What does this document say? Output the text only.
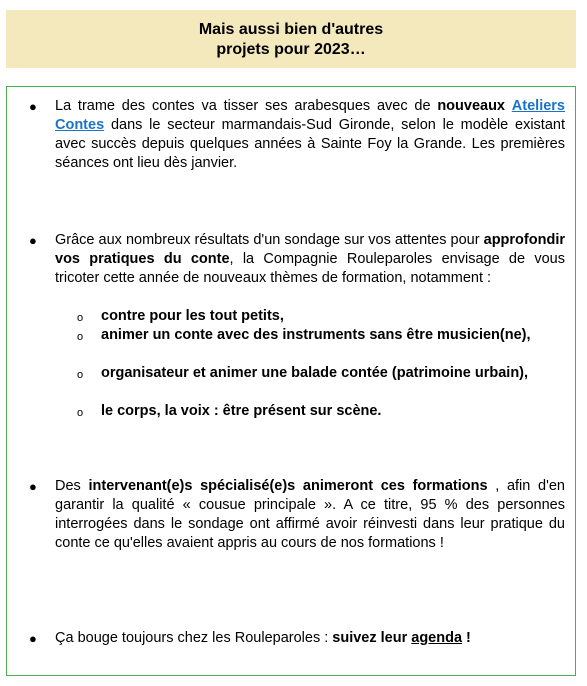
Mais aussi bien d'autres
projets pour 2023…
● La trame des contes va tisser ses arabesques avec de nouveaux Ateliers Contes dans le secteur marmandais-Sud Gironde, selon le modèle existant avec succès depuis quelques années à Sainte Foy la Grande. Les premières séances ont lieu dès janvier.
● Grâce aux nombreux résultats d'un sondage sur vos attentes pour approfondir vos pratiques du conte, la Compagnie Rouleparoles envisage de vous tricoter cette année de nouveaux thèmes de formation, notamment :
o contre pour les tout petits,
o animer un conte avec des instruments sans être musicien(ne),
o organisateur et animer une balade contée (patrimoine urbain),
o le corps, la voix : être présent sur scène.
● Des intervenant(e)s spécialisé(e)s animeront ces formations , afin d'en garantir la qualité « cousue principale ». A ce titre, 95 % des personnes interrogées dans le sondage ont affirmé avoir réinvesti dans leur pratique du conte ce qu'elles avaient appris au cours de nos formations !
● Ça bouge toujours chez les Rouleparoles : suivez leur agenda !
